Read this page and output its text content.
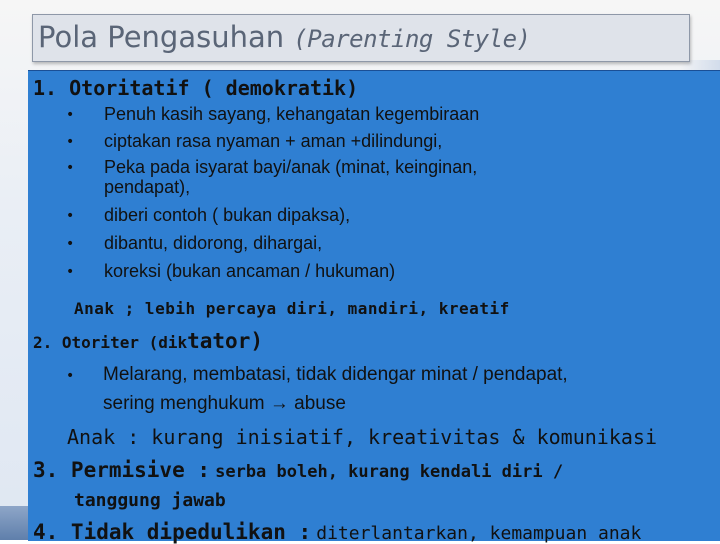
Pola Pengasuhan (Parenting Style)
1. Otoritatif ( demokratik)
• Penuh kasih sayang, kehangatan kegembiraan
• ciptakan rasa nyaman + aman +dilindungi,
• Peka pada isyarat bayi/anak (minat, keinginan,
pendapat),
• diberi contoh ( bukan dipaksa),
• dibantu, didorong, dihargai,
• koreksi (bukan ancaman / hukuman)
Anak ; lebih percaya diri, mandiri, kreatif
2. Otoriter (diktator)
• Melarang, membatasi, tidak didengar minat / pendapat,
sering menghukum → abuse
Anak : kurang inisiatif, kreativitas & komunikasi
3. Permisive : serba boleh, kurang kendali diri /
tanggung jawab
4. Tidak dipedulikan : diterlantarkan, kemampuan anak
